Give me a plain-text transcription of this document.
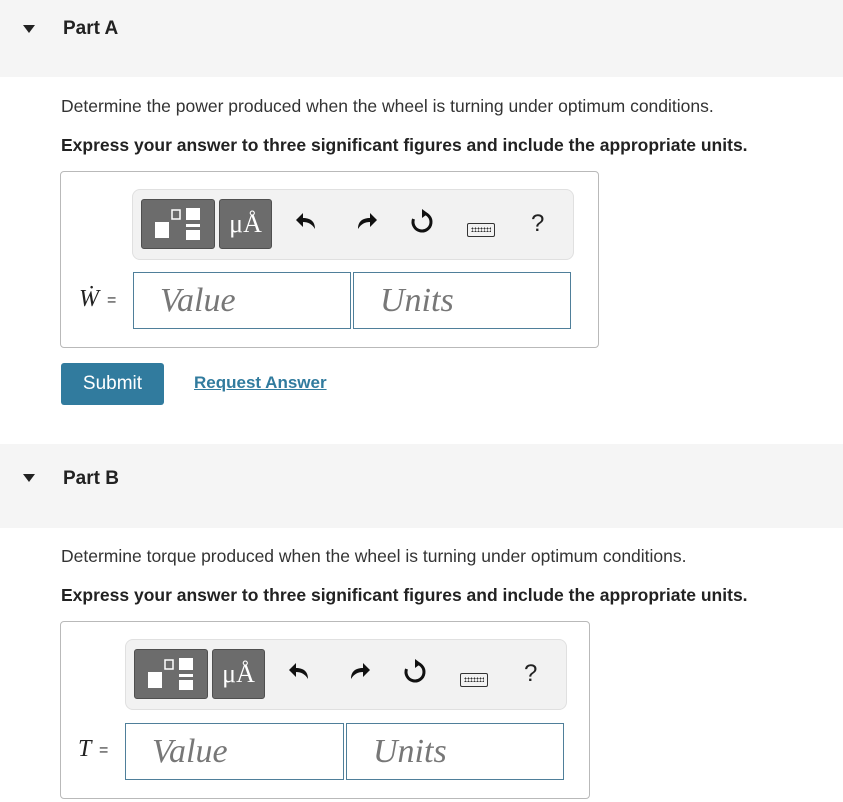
Part A
Determine the power produced when the wheel is turning under optimum conditions.
Express your answer to three significant figures and include the appropriate units.
μÅ	?
Ẇ =
Value
Units
Submit	Request Answer
Part B
Determine torque produced when the wheel is turning under optimum conditions.
Express your answer to three significant figures and include the appropriate units.
μÅ	?
T =
Value
Units
